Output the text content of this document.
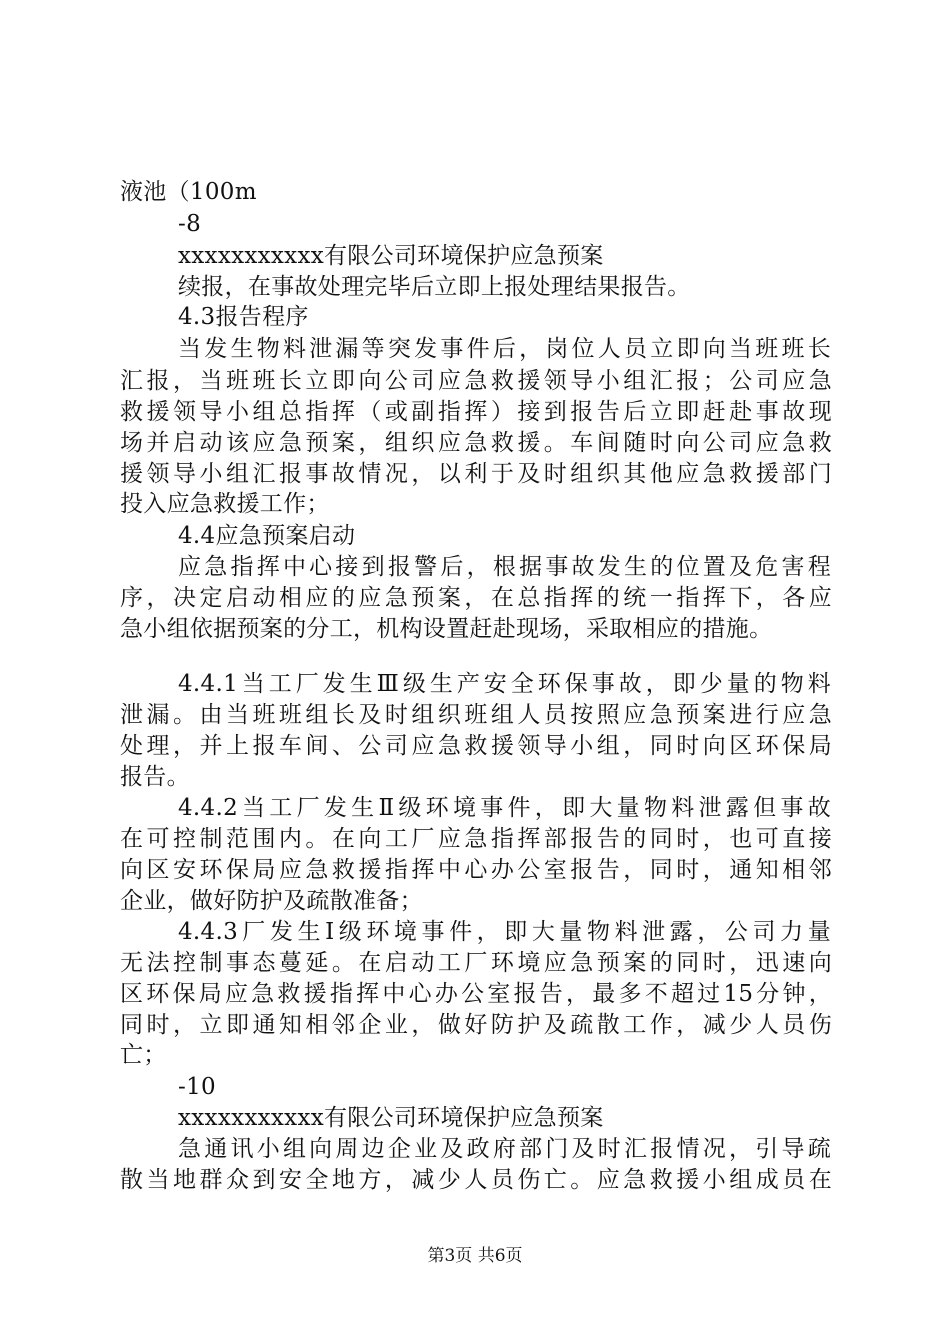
液池（100m
-8
xxxxxxxxxxx有限公司环境保护应急预案
续报，在事故处理完毕后立即上报处理结果报告。
4.3报告程序
当发生物料泄漏等突发事件后，岗位人员立即向当班班长
汇报，当班班长立即向公司应急救援领导小组汇报；公司应急
救援领导小组总指挥（或副指挥）接到报告后立即赶赴事故现
场并启动该应急预案，组织应急救援。车间随时向公司应急救
援领导小组汇报事故情况，以利于及时组织其他应急救援部门
投入应急救援工作；
4.4应急预案启动
应急指挥中心接到报警后，根据事故发生的位置及危害程
序，决定启动相应的应急预案，在总指挥的统一指挥下，各应
急小组依据预案的分工，机构设置赶赴现场，采取相应的措施。
4.4.1当工厂发生Ⅲ级生产安全环保事故，即少量的物料
泄漏。由当班班组长及时组织班组人员按照应急预案进行应急
处理，并上报车间、公司应急救援领导小组，同时向区环保局
报告。
4.4.2当工厂发生Ⅱ级环境事件，即大量物料泄露但事故
在可控制范围内。在向工厂应急指挥部报告的同时，也可直接
向区安环保局应急救援指挥中心办公室报告，同时，通知相邻
企业，做好防护及疏散准备；
4.4.3厂发生Ⅰ级环境事件，即大量物料泄露，公司力量
无法控制事态蔓延。在启动工厂环境应急预案的同时，迅速向
区环保局应急救援指挥中心办公室报告，最多不超过15分钟，
同时，立即通知相邻企业，做好防护及疏散工作，减少人员伤
亡；
-10
xxxxxxxxxxx有限公司环境保护应急预案
急通讯小组向周边企业及政府部门及时汇报情况，引导疏
散当地群众到安全地方，减少人员伤亡。应急救援小组成员在
第3页 共6页
